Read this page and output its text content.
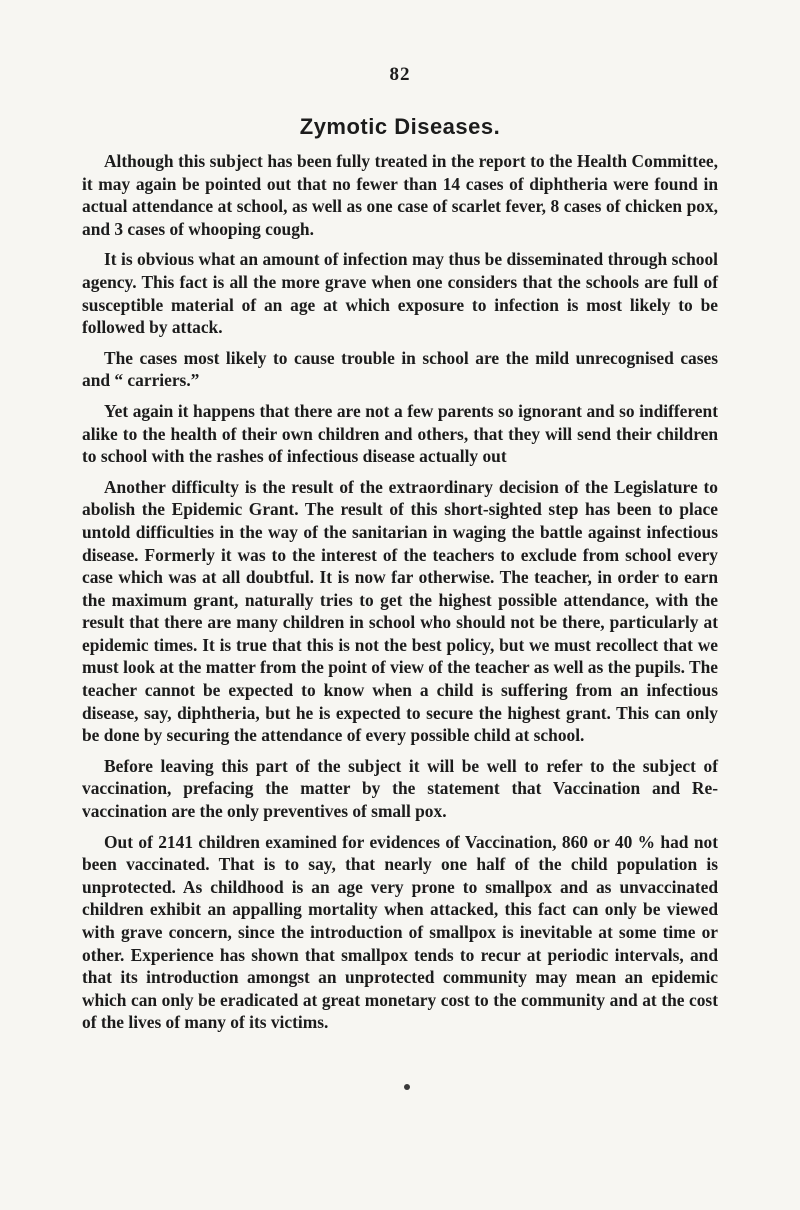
82
Zymotic Diseases.

Although this subject has been fully treated in the report to the Health Committee, it may again be pointed out that no fewer than 14 cases of diphtheria were found in actual attendance at school, as well as one case of scarlet fever, 8 cases of chicken pox, and 3 cases of whooping cough.

It is obvious what an amount of infection may thus be disseminated through school agency. This fact is all the more grave when one considers that the schools are full of susceptible material of an age at which exposure to infection is most likely to be followed by attack.

The cases most likely to cause trouble in school are the mild unrecognised cases and “ carriers.”

Yet again it happens that there are not a few parents so ignorant and so indifferent alike to the health of their own children and others, that they will send their children to school with the rashes of infectious disease actually out

Another difficulty is the result of the extraordinary decision of the Legislature to abolish the Epidemic Grant. The result of this short-sighted step has been to place untold difficulties in the way of the sanitarian in waging the battle against infectious disease. Formerly it was to the interest of the teachers to exclude from school every case which was at all doubtful. It is now far otherwise. The teacher, in order to earn the maximum grant, naturally tries to get the highest possible attendance, with the result that there are many children in school who should not be there, particularly at epidemic times. It is true that this is not the best policy, but we must recollect that we must look at the matter from the point of view of the teacher as well as the pupils. The teacher cannot be expected to know when a child is suffering from an infectious disease, say, diphtheria, but he is expected to secure the highest grant. This can only be done by securing the attendance of every possible child at school.

Before leaving this part of the subject it will be well to refer to the subject of vaccination, prefacing the matter by the statement that Vaccination and Re-vaccination are the only preventives of small pox.

Out of 2141 children examined for evidences of Vaccination, 860 or 40 % had not been vaccinated. That is to say, that nearly one half of the child population is unprotected. As childhood is an age very prone to smallpox and as unvaccinated children exhibit an appalling mortality when attacked, this fact can only be viewed with grave concern, since the introduction of smallpox is inevitable at some time or other. Experience has shown that smallpox tends to recur at periodic intervals, and that its introduction amongst an unprotected community may mean an epidemic which can only be eradicated at great monetary cost to the community and at the cost of the lives of many of its victims.
